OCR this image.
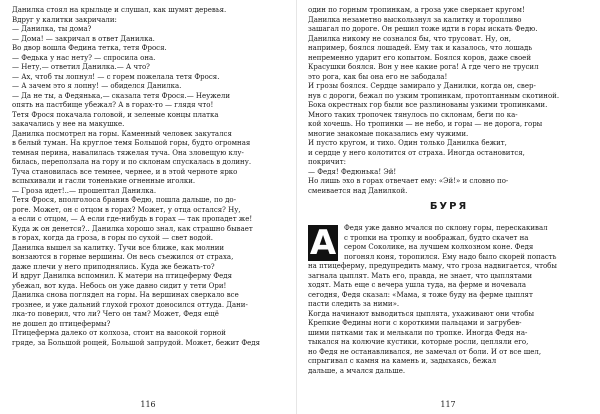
Данилка стоял на крыльце и слушал, как шумят деревья.
Вдруг у калитки закричали:
— Данилка, ты дома?
— Дома! — закричал в ответ Данилка.
Во двор вошла Федина тетка, тетя Фрося.
— Федька у нас нету? — спросила она.
— Нету,— ответил Данилка.— А что?
— Ах, чтоб ты лопнул! — с горем пожелала тетя Фрося.
— А зачем это я лопну! — обиделся Данилка.
— Да не ты, а Федянька,— сказала тетя Фрося.— Неужели
опять на пастбище убежал? А в горах-то — глядя что!
Тетя Фрося покачала головой, и зеленые концы платка
закачались у нее на макушке.
Данилка посмотрел на горы. Каменный человек закутался
в белый туман. На круглое темя Большой горы, будто огромная
темная перина, навалилась тяжелая туча. Она зловещую клу-
билась, переползала на гору и по склонам спускалась в долину.
Туча становилась все темнее, чернее, и в этой черноте ярко
вспыхивали и гасли тоненькие огненные иголки.
— Гроза идет!..— прошептал Данилка.
Тетя Фрося, вполголоса бранив Федю, пошла дальше, по до-
роге. Может, он с отцом в горах? Может, у отца остался? Ну,
а если с отцом, — А если где-нибудь в горах — так пропадет же!
Куда ж он денется?.. Данилка хорошо знал, как страшно бывает
в горах, когда да гроза, в горы по сухой — свет водой.
Данилка вышел за калитку. Тучи все ближе, как молнии
вонзаются в горные вершины. Он весь съежился от страха,
даже плечи у него приподнялись. Куда же бежать-то?
И вдруг Данилка вспомнил. К матери на птицеферму Федя
убежал, вот куда. Небось он уже давно сидит у тети Ори!
Данилка снова поглядел на горы. На вершинах сверкало все
грознее, и уже дальний глухой грохот доносился оттуда. Дани-
лка-то поверил, что ли? Чего он там? Может, Федя ещё
не дошел до птицефермы?
Птицеферма далеко от колхоза, стоит на высокой горной
гряде, за Большой рощей, Большой запрудой. Может, бежит Федя
116
один по горным тропинкам, а гроза уже сверкает кругом!
Данилка незаметно выскользнул за калитку и торопливо
зашагал по дороге. Он решил тоже идти в горы искать Федю.
Данилка никому не сознался бы, что трусоват. Ну, он,
например, боялся лошадей. Ему так и казалось, что лошадь
непременно ударит его копытом. Боялся коров, даже своей
Красушки боялся. Вон у нее какие рога! А где чего не трусил
это рога, как бы она его не забодала!
И грозы боялся. Сердце замирало у Данилки, когда он, свер-
нув с дороги, бежал по узким тропинкам, протоптанным скотиной.
Бока окрестных гор были все разлинованы узкими тропинками.
Много таких тропочек тянулось по склонам, беги по ка-
кой хочешь. Но тропинки — не небо, и горы — не дорога, горы
многие знакомые показались ему чужими.
И пусто кругом, и тихо. Один только Данилка бежит,
и сердце у него колотится от страха. Иногда остановится,
покричит:
— Федя! Федюнька! Эй!
Но лишь эхо в горах отвечает ему: «Эй!» и словно по-
смеивается над Данилкой.
БУРЯ
А Федя уже давно мчался по склону горы, перескакивал
с тропки на тропку и воображал, будто скачет на
сером Соколике, на лучшем колхозном коне. Федя
погонял коня, торопился. Ему надо было скорей попасть
на птицеферму, предупредить маму, что гроза надвигается, чтобы
загнала цыплят. Мать его, правда, не знает, что цыплятами
ходят. Мать еще с вечера ушла туда, на ферме и ночевала
сегодня, Федя сказал: «Мама, я тоже буду на ферме цыплят
пасти следить за ними».
Когда начинают выводиться цыплята, ухаживают они чтобы
Крепкие Федины ноги с короткими пальцами и загрубев-
шими пятками так и мелькали по тропке. Иногда Федя на-
тыкался на колючие кустики, которые росли, цепляли его,
но Федя не останавливался, не замечал от боли. И от все шел,
спрыгивал с камня на камень и, задыхаясь, бежал
дальше, а мчался дальше.
117
